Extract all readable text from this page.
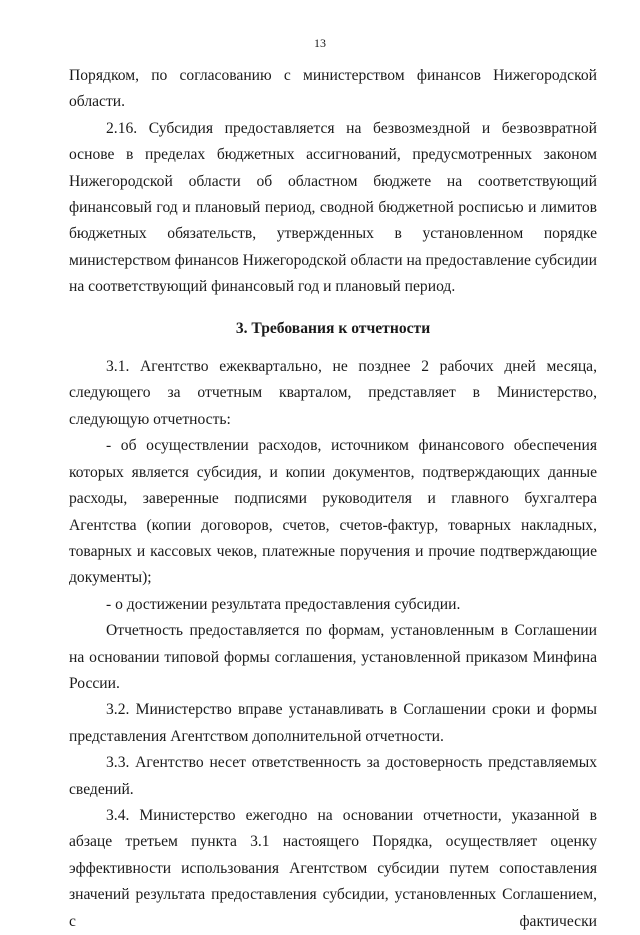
13

Порядком, по согласованию с министерством финансов Нижегородской области.

2.16. Субсидия предоставляется на безвозмездной и безвозвратной основе в пределах бюджетных ассигнований, предусмотренных законом Нижегородской области об областном бюджете на соответствующий финансовый год и плановый период, сводной бюджетной росписью и лимитов бюджетных обязательств, утвержденных в установленном порядке министерством финансов Нижегородской области на предоставление субсидии на соответствующий финансовый год и плановый период.

3. Требования к отчетности

3.1. Агентство ежеквартально, не позднее 2 рабочих дней месяца, следующего за отчетным кварталом, представляет в Министерство, следующую отчетность:

- об осуществлении расходов, источником финансового обеспечения которых является субсидия, и копии документов, подтверждающих данные расходы, заверенные подписями руководителя и главного бухгалтера Агентства (копии договоров, счетов, счетов-фактур, товарных накладных, товарных и кассовых чеков, платежные поручения и прочие подтверждающие документы);

- о достижении результата предоставления субсидии.

Отчетность предоставляется по формам, установленным в Соглашении на основании типовой формы соглашения, установленной приказом Минфина России.

3.2. Министерство вправе устанавливать в Соглашении сроки и формы представления Агентством дополнительной отчетности.

3.3. Агентство несет ответственность за достоверность представляемых сведений.

3.4. Министерство ежегодно на основании отчетности, указанной в абзаце третьем пункта 3.1 настоящего Порядка, осуществляет оценку эффективности использования Агентством субсидии путем сопоставления значений результата предоставления субсидии, установленных Соглашением, с фактически
